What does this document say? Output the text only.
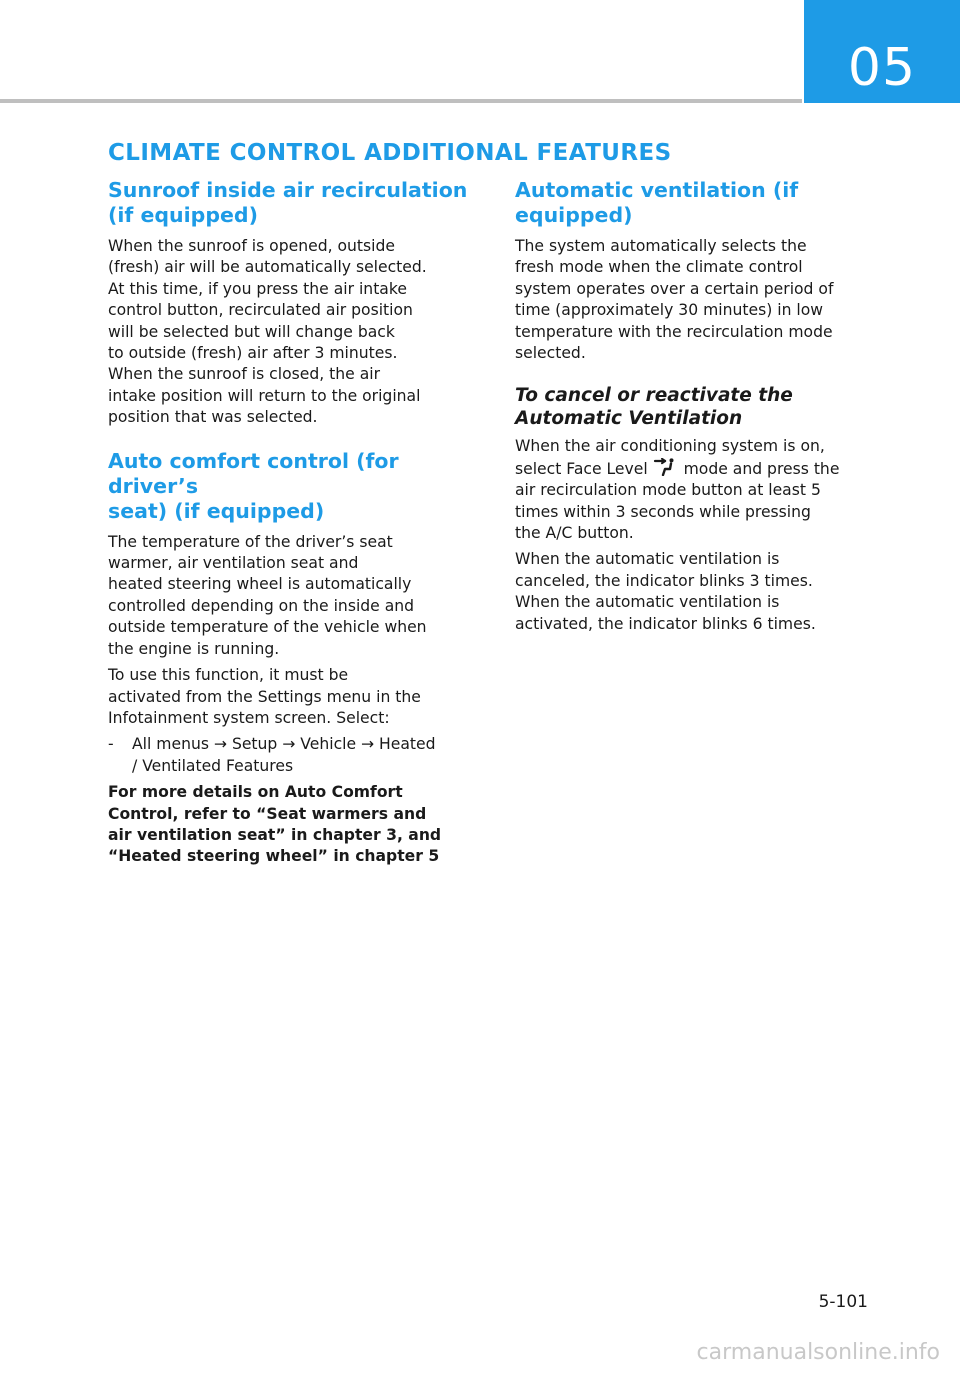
05
CLIMATE CONTROL ADDITIONAL FEATURES
Sunroof inside air recirculation
(if equipped)

When the sunroof is opened, outside
(fresh) air will be automatically selected.
At this time, if you press the air intake
control button, recirculated air position
will be selected but will change back
to outside (fresh) air after 3 minutes.
When the sunroof is closed, the air
intake position will return to the original
position that was selected.

Auto comfort control (for driver’s
seat) (if equipped)

The temperature of the driver’s seat
warmer, air ventilation seat and
heated steering wheel is automatically
controlled depending on the inside and
outside temperature of the vehicle when
the engine is running.

To use this function, it must be
activated from the Settings menu in the
Infotainment system screen. Select:

-	All menus → Setup → Vehicle → Heated
/ Ventilated Features

For more details on Auto Comfort
Control, refer to “Seat warmers and
air ventilation seat” in chapter 3, and
“Heated steering wheel” in chapter 5

Automatic ventilation (if
equipped)

The system automatically selects the
fresh mode when the climate control
system operates over a certain period of
time (approximately 30 minutes) in low
temperature with the recirculation mode
selected.

To cancel or reactivate the
Automatic Ventilation

When the air conditioning system is on,
select Face Level  mode and press the
air recirculation mode button at least 5
times within 3 seconds while pressing
the A/C button.

When the automatic ventilation is
canceled, the indicator blinks 3 times.
When the automatic ventilation is
activated, the indicator blinks 6 times.

5-101
carmanualsonline.info
